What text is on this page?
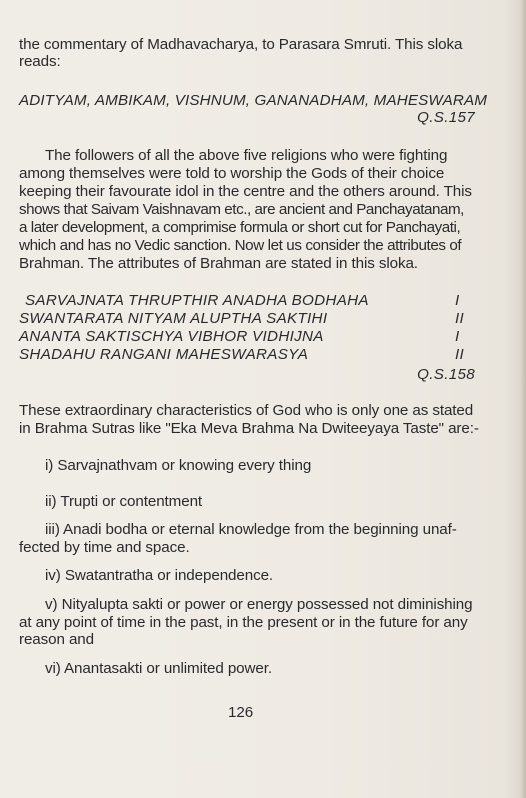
the commentary of Madhavacharya, to Parasara Smruti. This sloka
reads:
ADITYAM, AMBIKAM, VISHNUM, GANANADHAM, MAHESWARAM
Q.S.157
The followers of all the above five religions who were fighting
among themselves were told to worship the Gods of their choice
keeping their favourate idol in the centre and the others around. This
shows that Saivam Vaishnavam etc., are ancient and Panchayatanam,
a later development, a comprimise formula or short cut for Panchayati,
which and has no Vedic sanction. Now let us consider the attributes of
Brahman. The attributes of Brahman are stated in this sloka.
SARVAJNATA THRUPTHIR ANADHA BODHAHA	I
SWANTARATA NITYAM ALUPTHA SAKTIHI	II
ANANTA SAKTISCHYA VIBHOR VIDHIJNA	I
SHADAHU RANGANI MAHESWARASYA	II
Q.S.158
These extraordinary characteristics of God who is only one as stated
in Brahma Sutras like "Eka Meva Brahma Na Dwiteeyaya Taste" are:-
i) Sarvajnathvam or knowing every thing
ii) Trupti or contentment
iii) Anadi bodha or eternal knowledge from the beginning unaf-
fected by time and space.
iv) Swatantratha or independence.
v) Nityalupta sakti or power or energy possessed not diminishing
at any point of time in the past, in the present or in the future for any
reason and
vi) Anantasakti or unlimited power.
126
